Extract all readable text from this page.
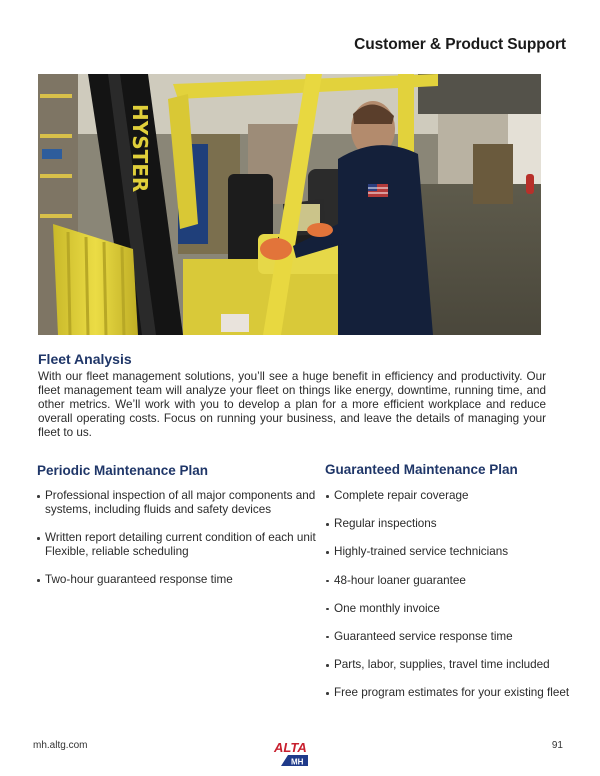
Customer & Product Support
HYSTER
Fleet Analysis

With our fleet management solutions, you’ll see a huge benefit in efficiency and productivity. Our fleet management team will analyze your fleet on things like energy, downtime, running time, and other metrics. We’ll work with you to develop a plan for a more efficient workplace and reduce overall operating costs. Focus on running your business, and leave the details of managing your fleet to us.

Periodic Maintenance Plan
Professional inspection of all major components and systems, including fluids and safety devices
Written report detailing current condition of each unit Flexible, reliable scheduling
Two-hour guaranteed response time
Guaranteed Maintenance Plan
Complete repair coverage
Regular inspections
Highly-trained service technicians
48-hour loaner guarantee
One monthly invoice
Guaranteed service response time
Parts, labor, supplies, travel time included
Free program estimates for your existing fleet
mh.altg.com	ALTA
MH
91
